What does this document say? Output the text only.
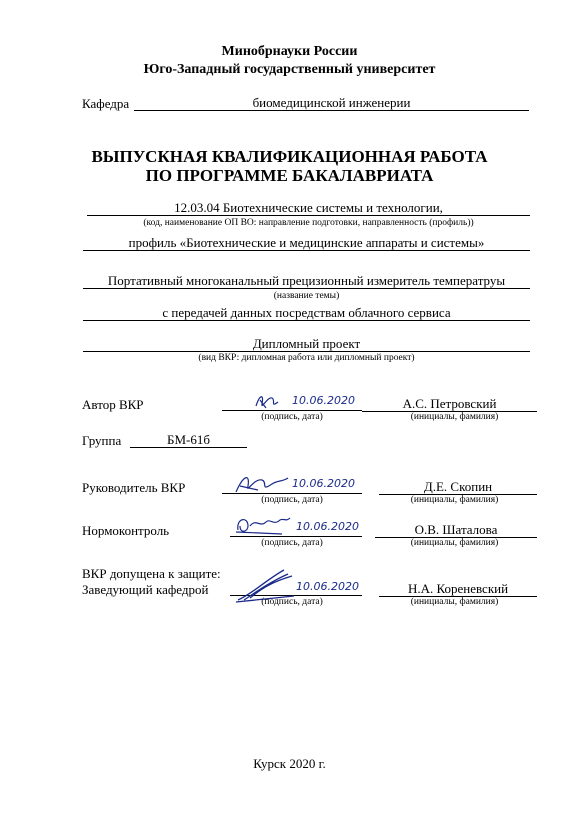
Минобрнауки России
Юго-Западный государственный университет
Кафедра	биомедицинской инженерии
ВЫПУСКНАЯ КВАЛИФИКАЦИОННАЯ РАБОТА
ПО ПРОГРАММЕ БАКАЛАВРИАТА
12.03.04 Биотехнические системы и технологии,
(код, наименование ОП ВО: направление подготовки, направленность (профиль))
профиль «Биотехнические и медицинские аппараты и системы»
Портативный многоканальный прецизионный измеритель температруы
(название темы)
с передачей данных посредствам облачного сервиса
Дипломный проект
(вид ВКР: дипломная работа или дипломный проект)
Автор ВКР	10.06.2020	А.С. Петровский
(подпись, дата)	(инициалы, фамилия)
Группа	БМ-61б
Руководитель ВКР	10.06.2020	Д.Е. Скопин
(подпись, дата)	(инициалы, фамилия)
Нормоконтроль	10.06.2020	О.В. Шаталова
(подпись, дата)	(инициалы, фамилия)
ВКР допущена к защите:
Заведующий кафедрой	10.06.2020	Н.А. Кореневский
(подпись, дата)	(инициалы, фамилия)
Курск 2020 г.
